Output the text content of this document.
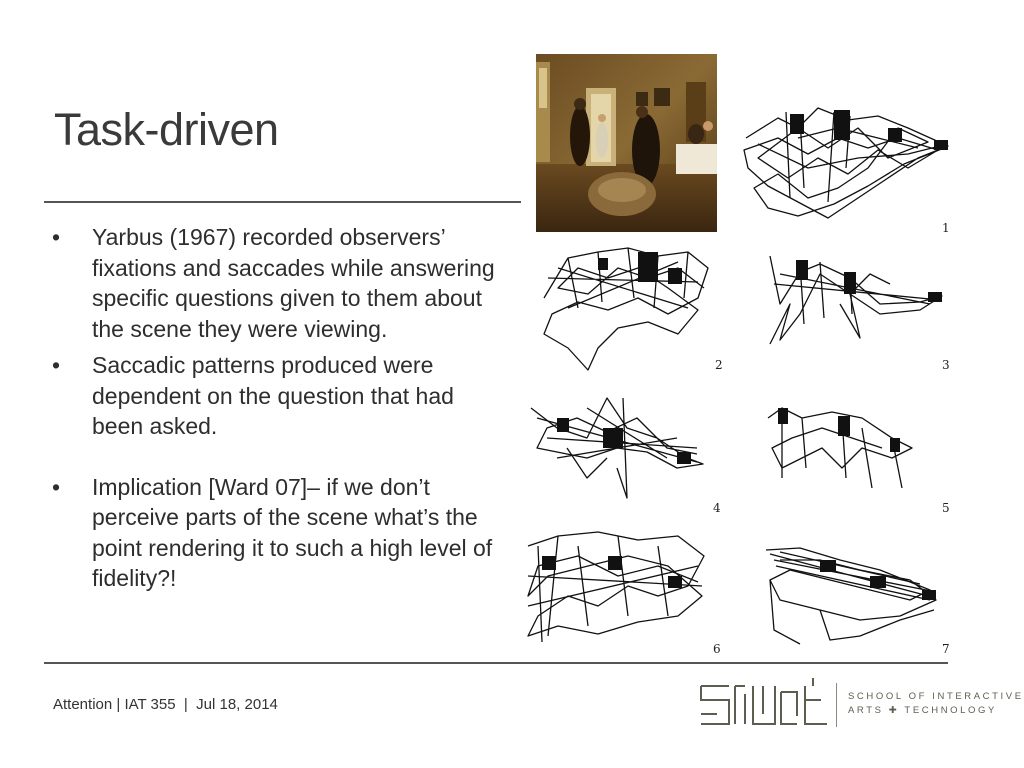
Task-driven
•	Yarbus (1967) recorded observers’ fixations and saccades while answering specific questions given to them about the scene they were viewing.
•	Saccadic patterns produced were dependent on the question that had been asked.
•	Implication [Ward 07]– if we don’t perceive parts of the scene what’s the point rendering it to such a high level of fidelity?!
1
2	3
4	5
6	7
Attention | IAT 355  |  Jul 18, 2014	SCHOOL OF INTERACTIVE
ARTS ✚ TECHNOLOGY
